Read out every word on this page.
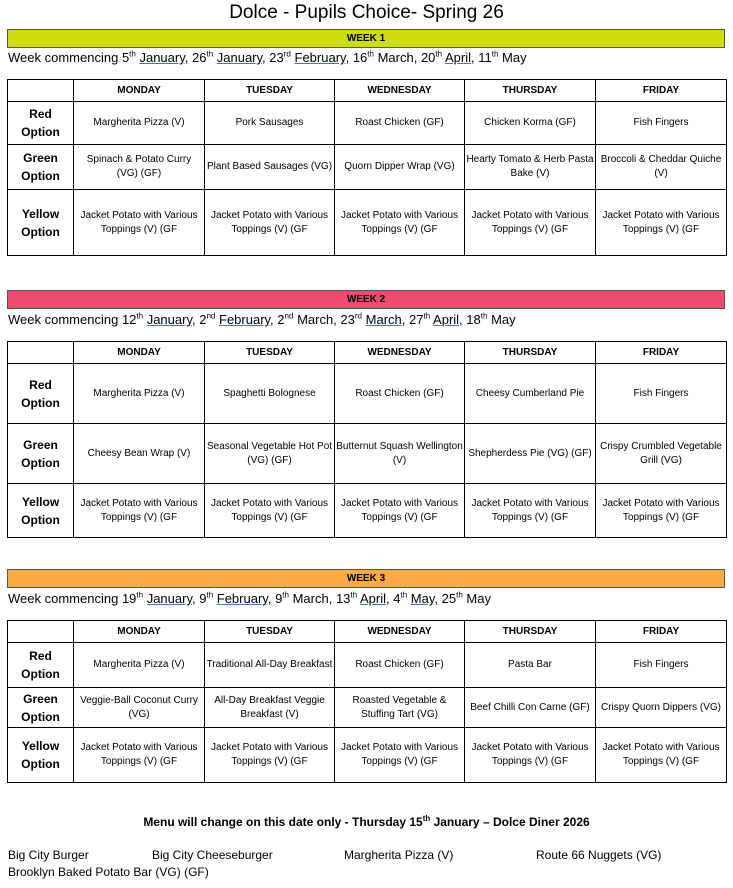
Dolce - Pupils Choice- Spring 26
WEEK 1
Week commencing 5th January, 26th January, 23rd February, 16th March, 20th April, 11th May
	MONDAY	TUESDAY	WEDNESDAY	THURSDAY	FRIDAY

Red
Option	Margherita Pizza (V)	Pork Sausages	Roast Chicken (GF)	Chicken Korma (GF)	Fish Fingers

Green
Option	Spinach & Potato Curry (VG) (GF)	Plant Based Sausages (VG)	Quorn Dipper Wrap (VG)	Hearty Tomato & Herb Pasta Bake (V)	Broccoli & Cheddar Quiche (V)

Yellow
Option	Jacket Potato with Various Toppings (V) (GF	Jacket Potato with Various Toppings (V) (GF	Jacket Potato with Various Toppings (V) (GF	Jacket Potato with Various Toppings (V) (GF	Jacket Potato with Various Toppings (V) (GF
WEEK 2
Week commencing 12th January, 2nd February, 2nd March, 23rd March, 27th April, 18th May
	MONDAY	TUESDAY	WEDNESDAY	THURSDAY	FRIDAY

Red
Option	Margherita Pizza (V)	Spaghetti Bolognese	Roast Chicken (GF)	Cheesy Cumberland Pie	Fish Fingers

Green
Option	Cheesy Bean Wrap (V)	Seasonal Vegetable Hot Pot (VG) (GF)	Butternut Squash Wellington (V)	Shepherdess Pie (VG) (GF)	Crispy Crumbled Vegetable Grill (VG)

Yellow
Option	Jacket Potato with Various Toppings (V) (GF	Jacket Potato with Various Toppings (V) (GF	Jacket Potato with Various Toppings (V) (GF	Jacket Potato with Various Toppings (V) (GF	Jacket Potato with Various Toppings (V) (GF
WEEK 3
Week commencing 19th January, 9th February, 9th March, 13th April, 4th May, 25th May
	MONDAY	TUESDAY	WEDNESDAY	THURSDAY	FRIDAY

Red
Option	Margherita Pizza (V)	Traditional All-Day Breakfast	Roast Chicken (GF)	Pasta Bar	Fish Fingers

Green
Option	Veggie-Ball Coconut Curry (VG)	All-Day Breakfast Veggie Breakfast (V)	Roasted Vegetable & Stuffing Tart (VG)	Beef Chilli Con Carne (GF)	Crispy Quorn Dippers (VG)

Yellow
Option	Jacket Potato with Various Toppings (V) (GF	Jacket Potato with Various Toppings (V) (GF	Jacket Potato with Various Toppings (V) (GF	Jacket Potato with Various Toppings (V) (GF	Jacket Potato with Various Toppings (V) (GF
Menu will change on this date only - Thursday 15th January – Dolce Diner 2026
Big City Burger	Big City Cheeseburger	Margherita Pizza (V)	Route 66 Nuggets (VG)
Brooklyn Baked Potato Bar (VG) (GF)
